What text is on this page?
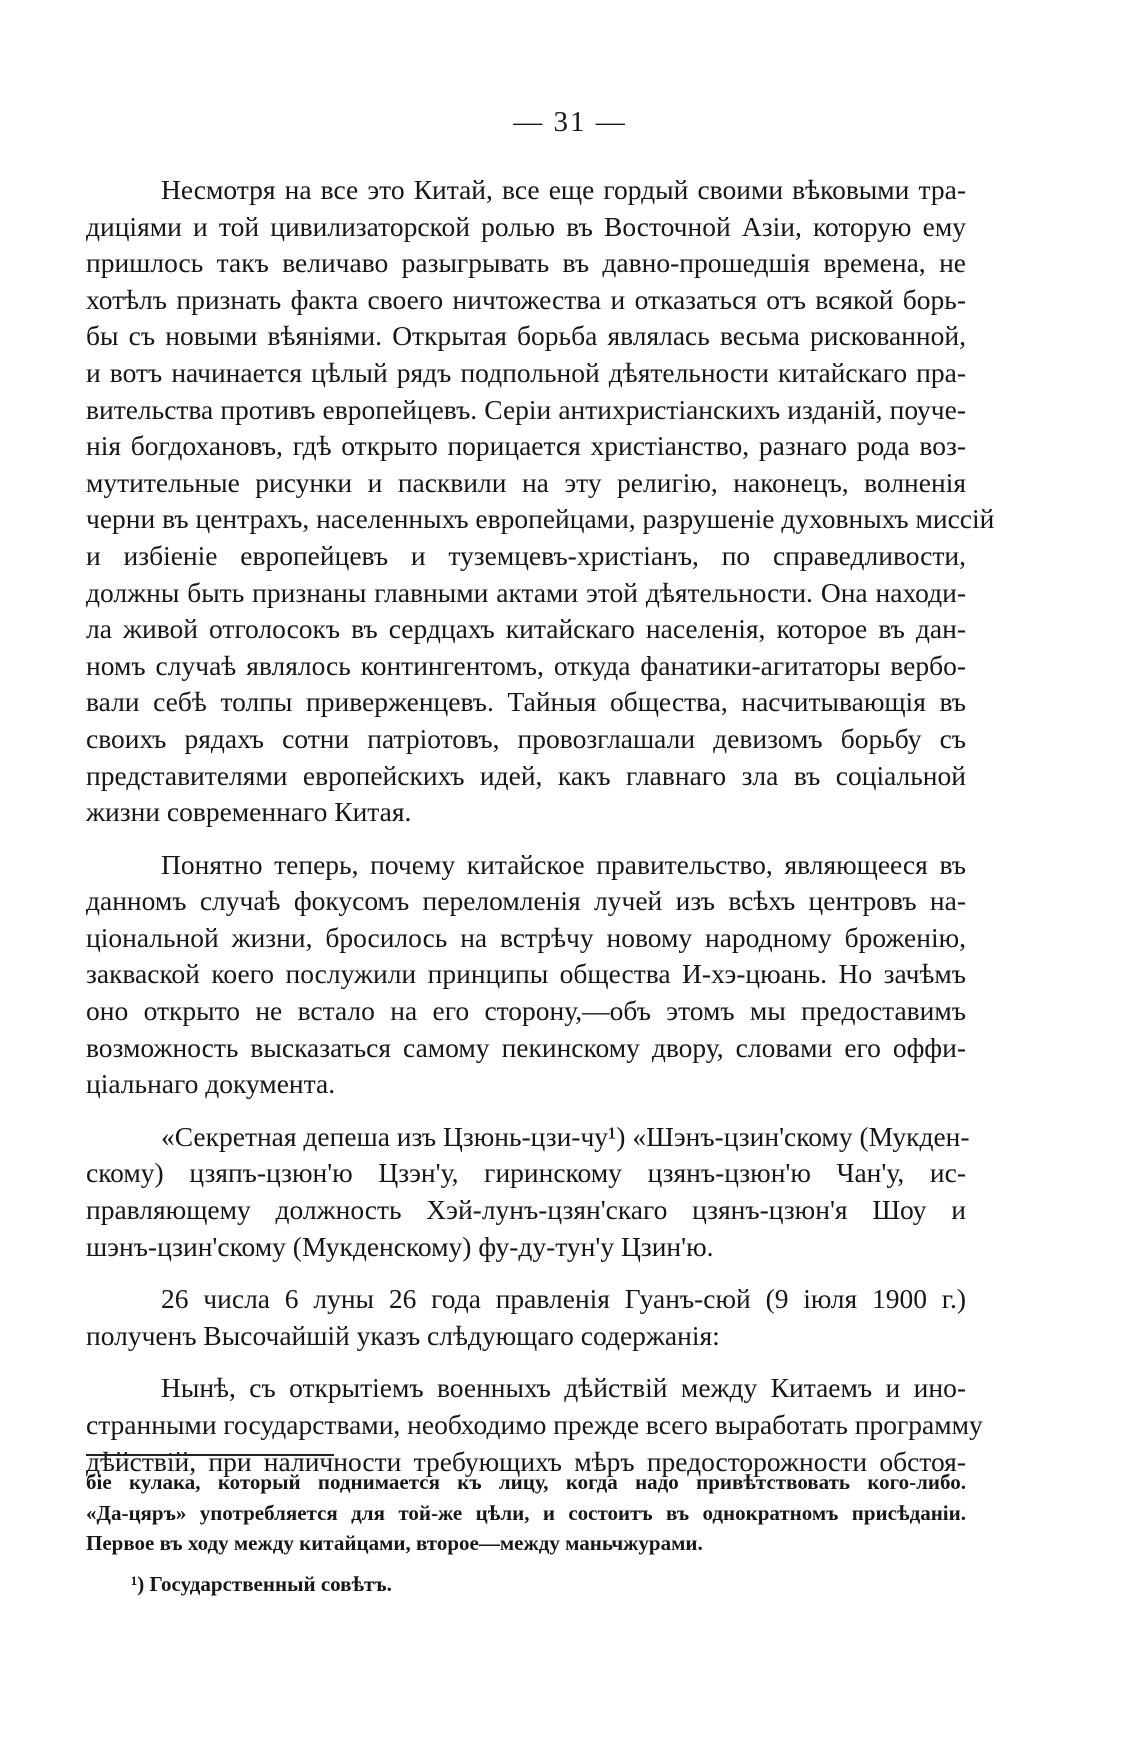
— 31 —
Несмотря на все это Китай, все еще гордый своими вѣковыми тра-
диціями и той цивилизаторской ролью въ Восточной Азіи, которую ему
пришлось такъ величаво разыгрывать въ давно-прошедшія времена, не
хотѣлъ признать факта своего ничтожества и отказаться отъ всякой борь-
бы съ новыми вѣяніями. Открытая борьба являлась весьма рискованной,
и вотъ начинается цѣлый рядъ подпольной дѣятельности китайскаго пра-
вительства противъ европейцевъ. Серіи антихристіанскихъ изданій, поуче-
нія богдохановъ, гдѣ открыто порицается христіанство, разнаго рода воз-
мутительные рисунки и пасквили на эту религію, наконецъ, волненія
черни въ центрахъ, населенныхъ европейцами, разрушеніе духовныхъ миссій
и избіеніе европейцевъ и туземцевъ-христіанъ, по справедливости,
должны быть признаны главными актами этой дѣятельности. Она находи-
ла живой отголосокъ въ сердцахъ китайскаго населенія, которое въ дан-
номъ случаѣ являлось контингентомъ, откуда фанатики-агитаторы вербо-
вали себѣ толпы приверженцевъ. Тайныя общества, насчитывающія въ
своихъ рядахъ сотни патріотовъ, провозглашали девизомъ борьбу съ
представителями европейскихъ идей, какъ главнаго зла въ соціальной
жизни современнаго Китая.
Понятно теперь, почему китайское правительство, являющееся въ
данномъ случаѣ фокусомъ переломленія лучей изъ всѣхъ центровъ на-
ціональной жизни, бросилось на встрѣчу новому народному броженію,
закваской коего послужили принципы общества И-хэ-цюань. Но зачѣмъ
оно открыто не встало на его сторону,—объ этомъ мы предоставимъ
возможность высказаться самому пекинскому двору, словами его оффи-
ціальнаго документа.
«Секретная депеша изъ Цзюнь-цзи-чу¹) «Шэнъ-цзин'скому (Мукден-
скому) цзяпъ-цзюн'ю Цзэн'у, гиринскому цзянъ-цзюн'ю Чан'у, ис-
правляющему должность Хэй-лунъ-цзян'скаго цзянъ-цзюн'я Шоу и
шэнъ-цзин'скому (Мукденскому) фу-ду-тун'у Цзин'ю.
26 числа 6 луны 26 года правленія Гуанъ-сюй (9 іюля 1900 г.)
полученъ Высочайшій указъ слѣдующаго содержанія:
Нынѣ, съ открытіемъ военныхъ дѣйствій между Китаемъ и ино-
странными государствами, необходимо прежде всего выработать программу
дѣйствій, при наличности требующихъ мѣръ предосторожности обстоя-
біе кулака, который поднимается къ лицу, когда надо привѣтствовать кого-либо.
«Да-цяръ» употребляется для той-же цѣли, и состоитъ въ однократномъ присѣданіи.
Первое въ ходу между китайцами, второе—между маньчжурами.
¹) Государственный совѣтъ.
